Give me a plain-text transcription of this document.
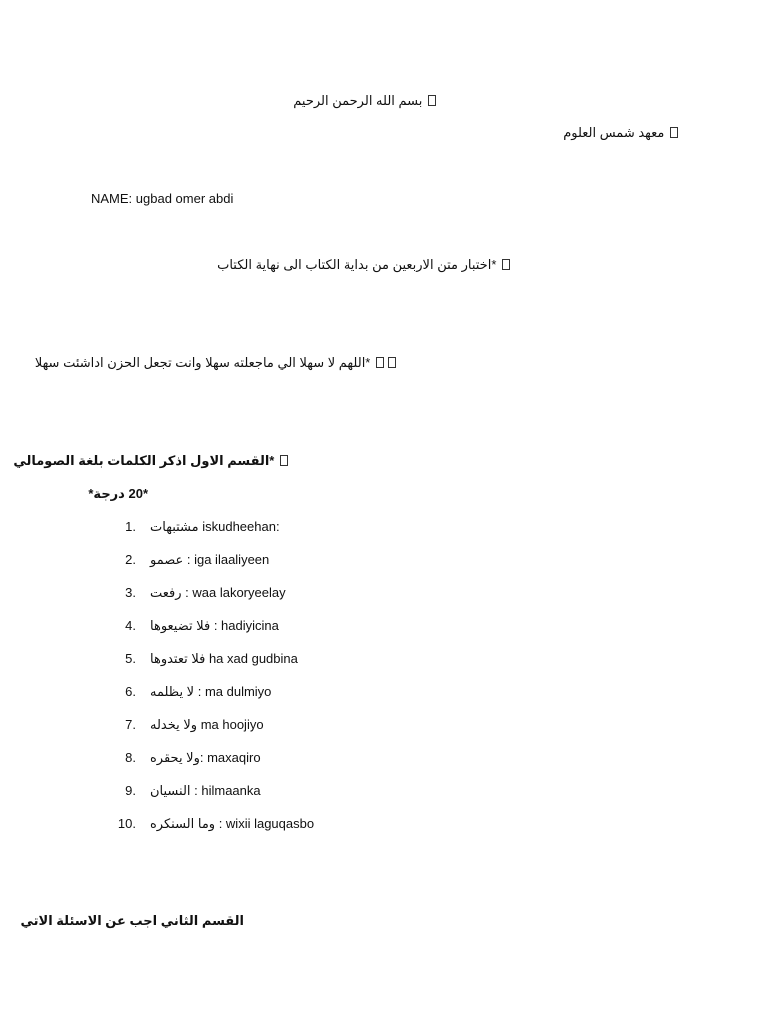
بسم الله الرحمن الرحيم
معهد شمس العلوم
NAME: ugbad omer abdi
*اختبار متن الاربعين من بداية الكتاب الى نهاية الكتاب
*اللهم لا سهلا الي ماجعلته سهلا وانت تجعل الحزن اداشئت سهلا
*القسم الاول اذكر الكلمات بلغة الصومالي
*20 درجة*
1. مشتبهات iskudheehan:
2. عصمو : iga ilaaliyeen
3. رفعت : waa lakoryeelay
4. فلا تضيعوها : hadiyicina
5. فلا تعتدوها ha xad gudbina
6. لا يظلمه : ma dulmiyo
7. ولا يخدله ma hoojiyo
8. ولا يحقره: maxaqiro
9. النسيان : hilmaanka
10. وما السنكره : wixii laguqasbo
القسم الثاني اجب عن الاسئلة الاتي
